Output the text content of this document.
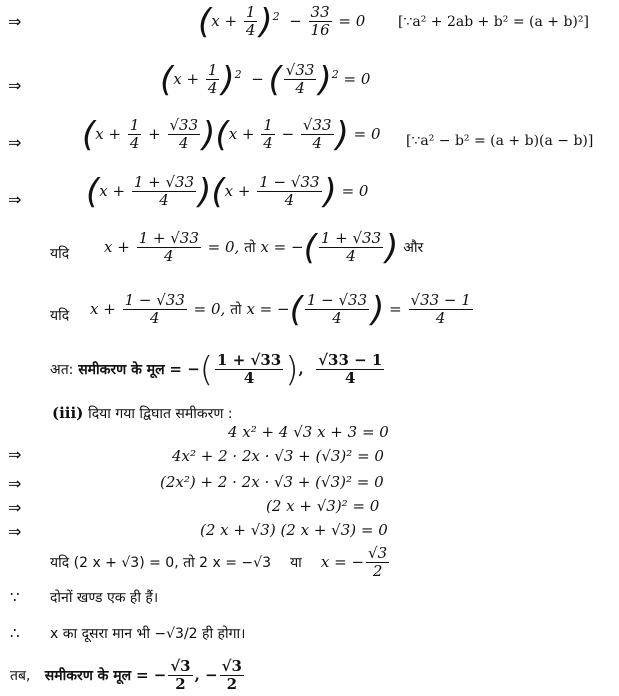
⇒	$(x + \frac{1}{4} )^2 - \frac{33}{16} = 0$ [∵a² + 2ab + b² = (a + b)²]
⇒	$(x + \frac{1}{4} )^2$  − ( $\frac{√33}{4} )^2 = 0$
⇒ $(x + \frac{1}{4} + \frac{√33}{4} )(x + \frac{1}{4} - \frac{√33}{4}$ ) = 0 [∵a² − b² = (a + b)(a − b)]
⇒ $(x + \frac{1 + √33}{4} )(x + \frac{1 - √33}{4}$ ) = 0
यदि $x + \frac{1 + √33}{4} = 0$, तो x = −( $\frac{1 + √33}{4}$ ) और
यदि $x + \frac{1 - √33}{4} = 0$, तो x = −( $\frac{1 - √33}{4}$ ) = $\frac{√33 - 1}{4}$
अत: समीकरण के मूल = −( $\frac{1 + √33}{4}$ ), $\frac{√33 - 1}{4}$
(iii) दिया गया द्विघात समीकरण :
4 x² + 4 √3 x + 3 = 0
⇒	4x² + 2 · 2x · √3 + (√3)² = 0
⇒	(2x²) + 2 · 2x · √3 + (√3)² = 0
⇒	(2 x + √3)² = 0
⇒	(2 x + √3) (2 x + √3) = 0
यदि (2 x + √3) = 0, तो 2 x = −√3 या x = − $\frac{√3}{2}$
∵ दोनों खण्ड एक ही हैं।
∴ x का दूसरा मान भी −√3/2 ही होगा।
तब, समीकरण के मूल = − $\frac{√3}{2}$ , − $\frac{√3}{2}$
